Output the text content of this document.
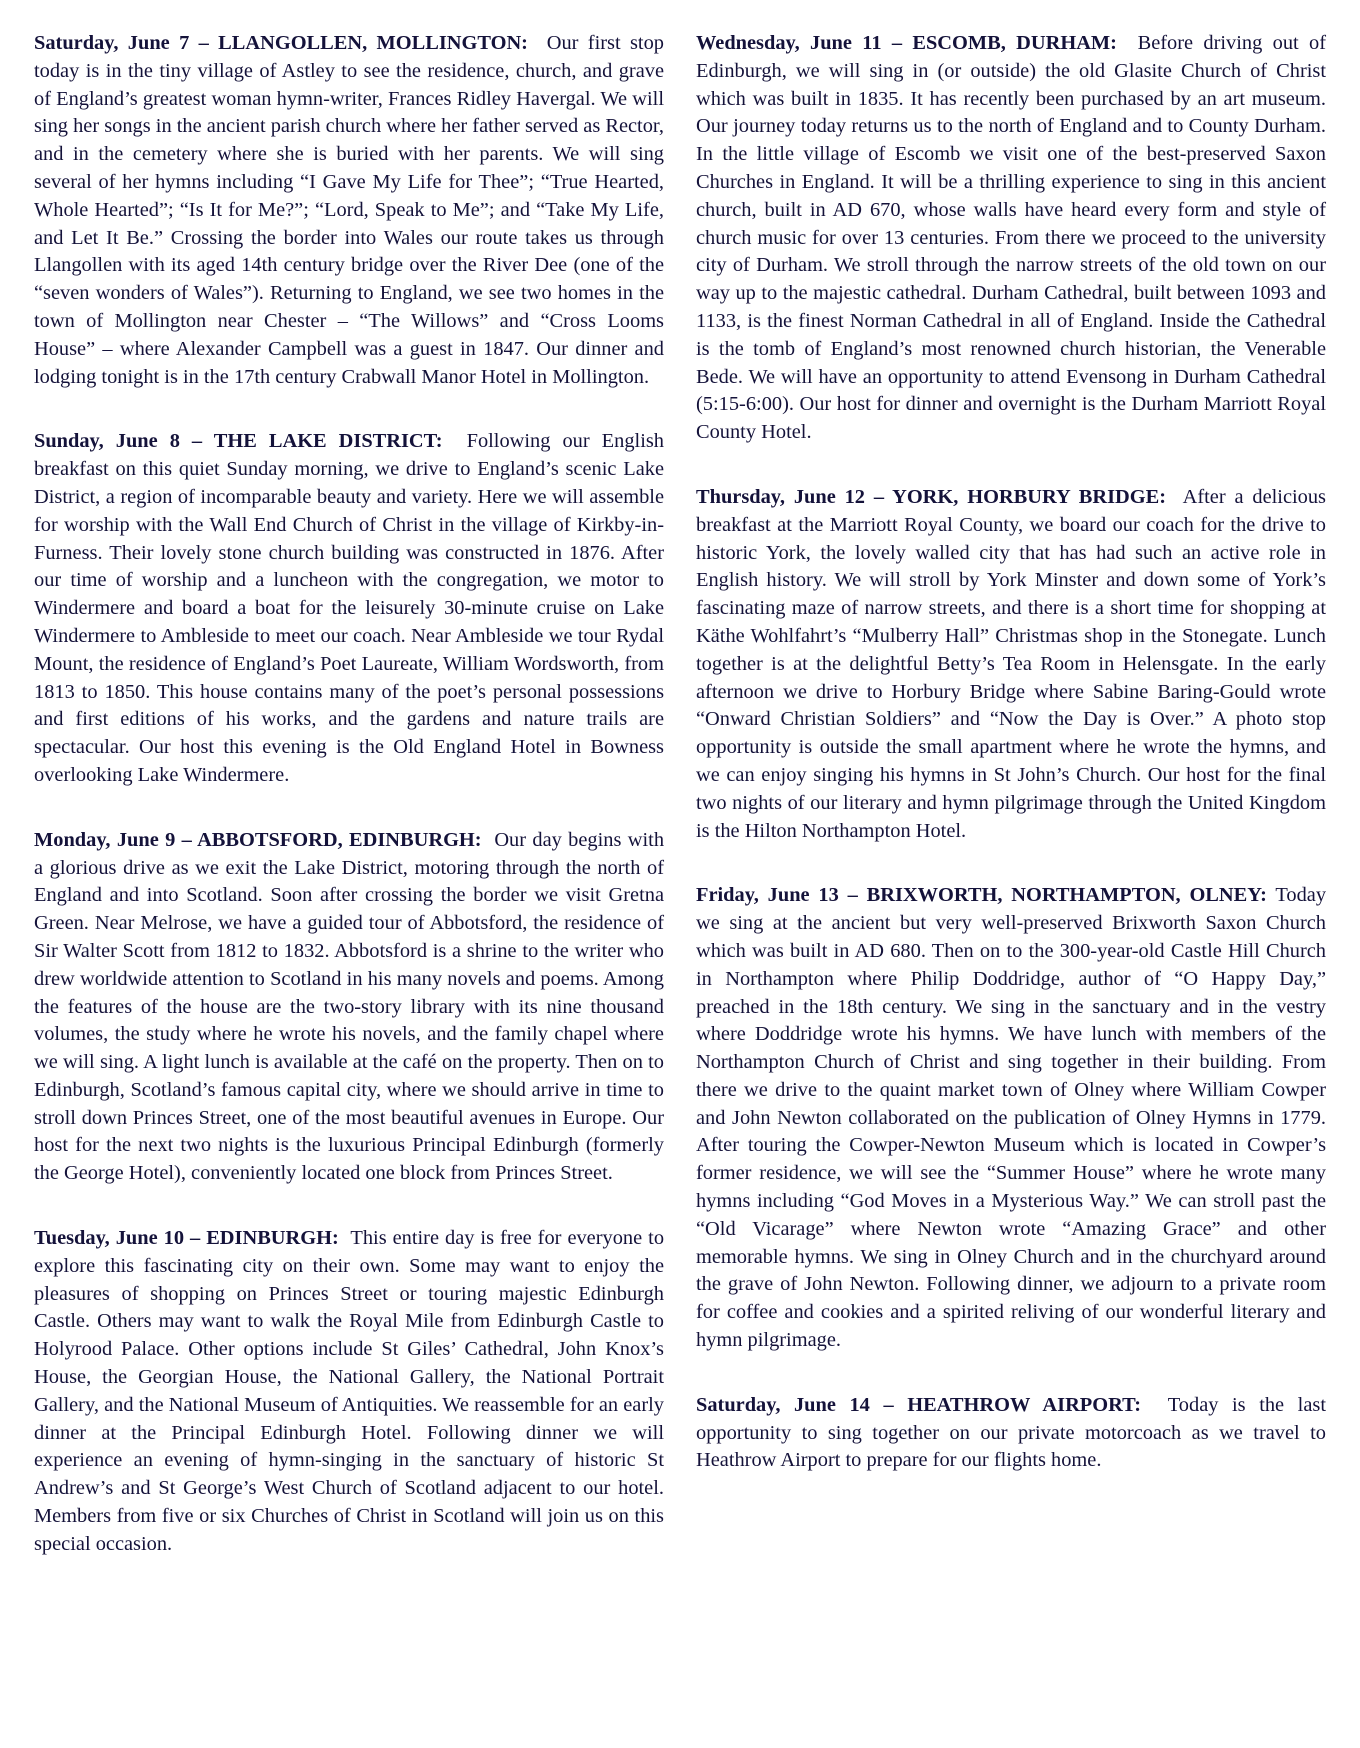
Saturday, June 7 – LLANGOLLEN, MOLLINGTON: Our first stop today is in the tiny village of Astley to see the residence, church, and grave of England’s greatest woman hymn-writer, Frances Ridley Havergal. We will sing her songs in the ancient parish church where her father served as Rector, and in the cemetery where she is buried with her parents. We will sing several of her hymns including “I Gave My Life for Thee”; “True Hearted, Whole Hearted”; “Is It for Me?”; “Lord, Speak to Me”; and “Take My Life, and Let It Be.” Crossing the border into Wales our route takes us through Llangollen with its aged 14th century bridge over the River Dee (one of the “seven wonders of Wales”). Returning to England, we see two homes in the town of Mollington near Chester – “The Willows” and “Cross Looms House” – where Alexander Campbell was a guest in 1847. Our dinner and lodging tonight is in the 17th century Crabwall Manor Hotel in Mollington.

Sunday, June 8 – THE LAKE DISTRICT: Following our English breakfast on this quiet Sunday morning, we drive to England’s scenic Lake District, a region of incomparable beauty and variety. Here we will assemble for worship with the Wall End Church of Christ in the village of Kirkby-in-Furness. Their lovely stone church building was constructed in 1876. After our time of worship and a luncheon with the congregation, we motor to Windermere and board a boat for the leisurely 30-minute cruise on Lake Windermere to Ambleside to meet our coach. Near Ambleside we tour Rydal Mount, the residence of England’s Poet Laureate, William Wordsworth, from 1813 to 1850. This house contains many of the poet’s personal possessions and first editions of his works, and the gardens and nature trails are spectacular. Our host this evening is the Old England Hotel in Bowness overlooking Lake Windermere.

Monday, June 9 – ABBOTSFORD, EDINBURGH: Our day begins with a glorious drive as we exit the Lake District, motoring through the north of England and into Scotland. Soon after crossing the border we visit Gretna Green. Near Melrose, we have a guided tour of Abbotsford, the residence of Sir Walter Scott from 1812 to 1832. Abbotsford is a shrine to the writer who drew worldwide attention to Scotland in his many novels and poems. Among the features of the house are the two-story library with its nine thousand volumes, the study where he wrote his novels, and the family chapel where we will sing. A light lunch is available at the café on the property. Then on to Edinburgh, Scotland’s famous capital city, where we should arrive in time to stroll down Princes Street, one of the most beautiful avenues in Europe. Our host for the next two nights is the luxurious Principal Edinburgh (formerly the George Hotel), conveniently located one block from Princes Street.

Tuesday, June 10 – EDINBURGH: This entire day is free for everyone to explore this fascinating city on their own. Some may want to enjoy the pleasures of shopping on Princes Street or touring majestic Edinburgh Castle. Others may want to walk the Royal Mile from Edinburgh Castle to Holyrood Palace. Other options include St Giles’ Cathedral, John Knox’s House, the Georgian House, the National Gallery, the National Portrait Gallery, and the National Museum of Antiquities. We reassemble for an early dinner at the Principal Edinburgh Hotel. Following dinner we will experience an evening of hymn-singing in the sanctuary of historic St Andrew’s and St George’s West Church of Scotland adjacent to our hotel. Members from five or six Churches of Christ in Scotland will join us on this special occasion.

Wednesday, June 11 – ESCOMB, DURHAM: Before driving out of Edinburgh, we will sing in (or outside) the old Glasite Church of Christ which was built in 1835. It has recently been purchased by an art museum. Our journey today returns us to the north of England and to County Durham. In the little village of Escomb we visit one of the best-preserved Saxon Churches in England. It will be a thrilling experience to sing in this ancient church, built in AD 670, whose walls have heard every form and style of church music for over 13 centuries. From there we proceed to the university city of Durham. We stroll through the narrow streets of the old town on our way up to the majestic cathedral. Durham Cathedral, built between 1093 and 1133, is the finest Norman Cathedral in all of England. Inside the Cathedral is the tomb of England’s most renowned church historian, the Venerable Bede. We will have an opportunity to attend Evensong in Durham Cathedral (5:15-6:00). Our host for dinner and overnight is the Durham Marriott Royal County Hotel.

Thursday, June 12 – YORK, HORBURY BRIDGE: After a delicious breakfast at the Marriott Royal County, we board our coach for the drive to historic York, the lovely walled city that has had such an active role in English history. We will stroll by York Minster and down some of York’s fascinating maze of narrow streets, and there is a short time for shopping at Käthe Wohlfahrt’s “Mulberry Hall” Christmas shop in the Stonegate. Lunch together is at the delightful Betty’s Tea Room in Helensgate. In the early afternoon we drive to Horbury Bridge where Sabine Baring-Gould wrote “Onward Christian Soldiers” and “Now the Day is Over.” A photo stop opportunity is outside the small apartment where he wrote the hymns, and we can enjoy singing his hymns in St John’s Church. Our host for the final two nights of our literary and hymn pilgrimage through the United Kingdom is the Hilton Northampton Hotel.

Friday, June 13 – BRIXWORTH, NORTHAMPTON, OLNEY: Today we sing at the ancient but very well-preserved Brixworth Saxon Church which was built in AD 680. Then on to the 300-year-old Castle Hill Church in Northampton where Philip Doddridge, author of “O Happy Day,” preached in the 18th century. We sing in the sanctuary and in the vestry where Doddridge wrote his hymns. We have lunch with members of the Northampton Church of Christ and sing together in their building. From there we drive to the quaint market town of Olney where William Cowper and John Newton collaborated on the publication of Olney Hymns in 1779. After touring the Cowper-Newton Museum which is located in Cowper’s former residence, we will see the “Summer House” where he wrote many hymns including “God Moves in a Mysterious Way.” We can stroll past the “Old Vicarage” where Newton wrote “Amazing Grace” and other memorable hymns. We sing in Olney Church and in the churchyard around the grave of John Newton. Following dinner, we adjourn to a private room for coffee and cookies and a spirited reliving of our wonderful literary and hymn pilgrimage.

Saturday, June 14 – HEATHROW AIRPORT: Today is the last opportunity to sing together on our private motorcoach as we travel to Heathrow Airport to prepare for our flights home.
